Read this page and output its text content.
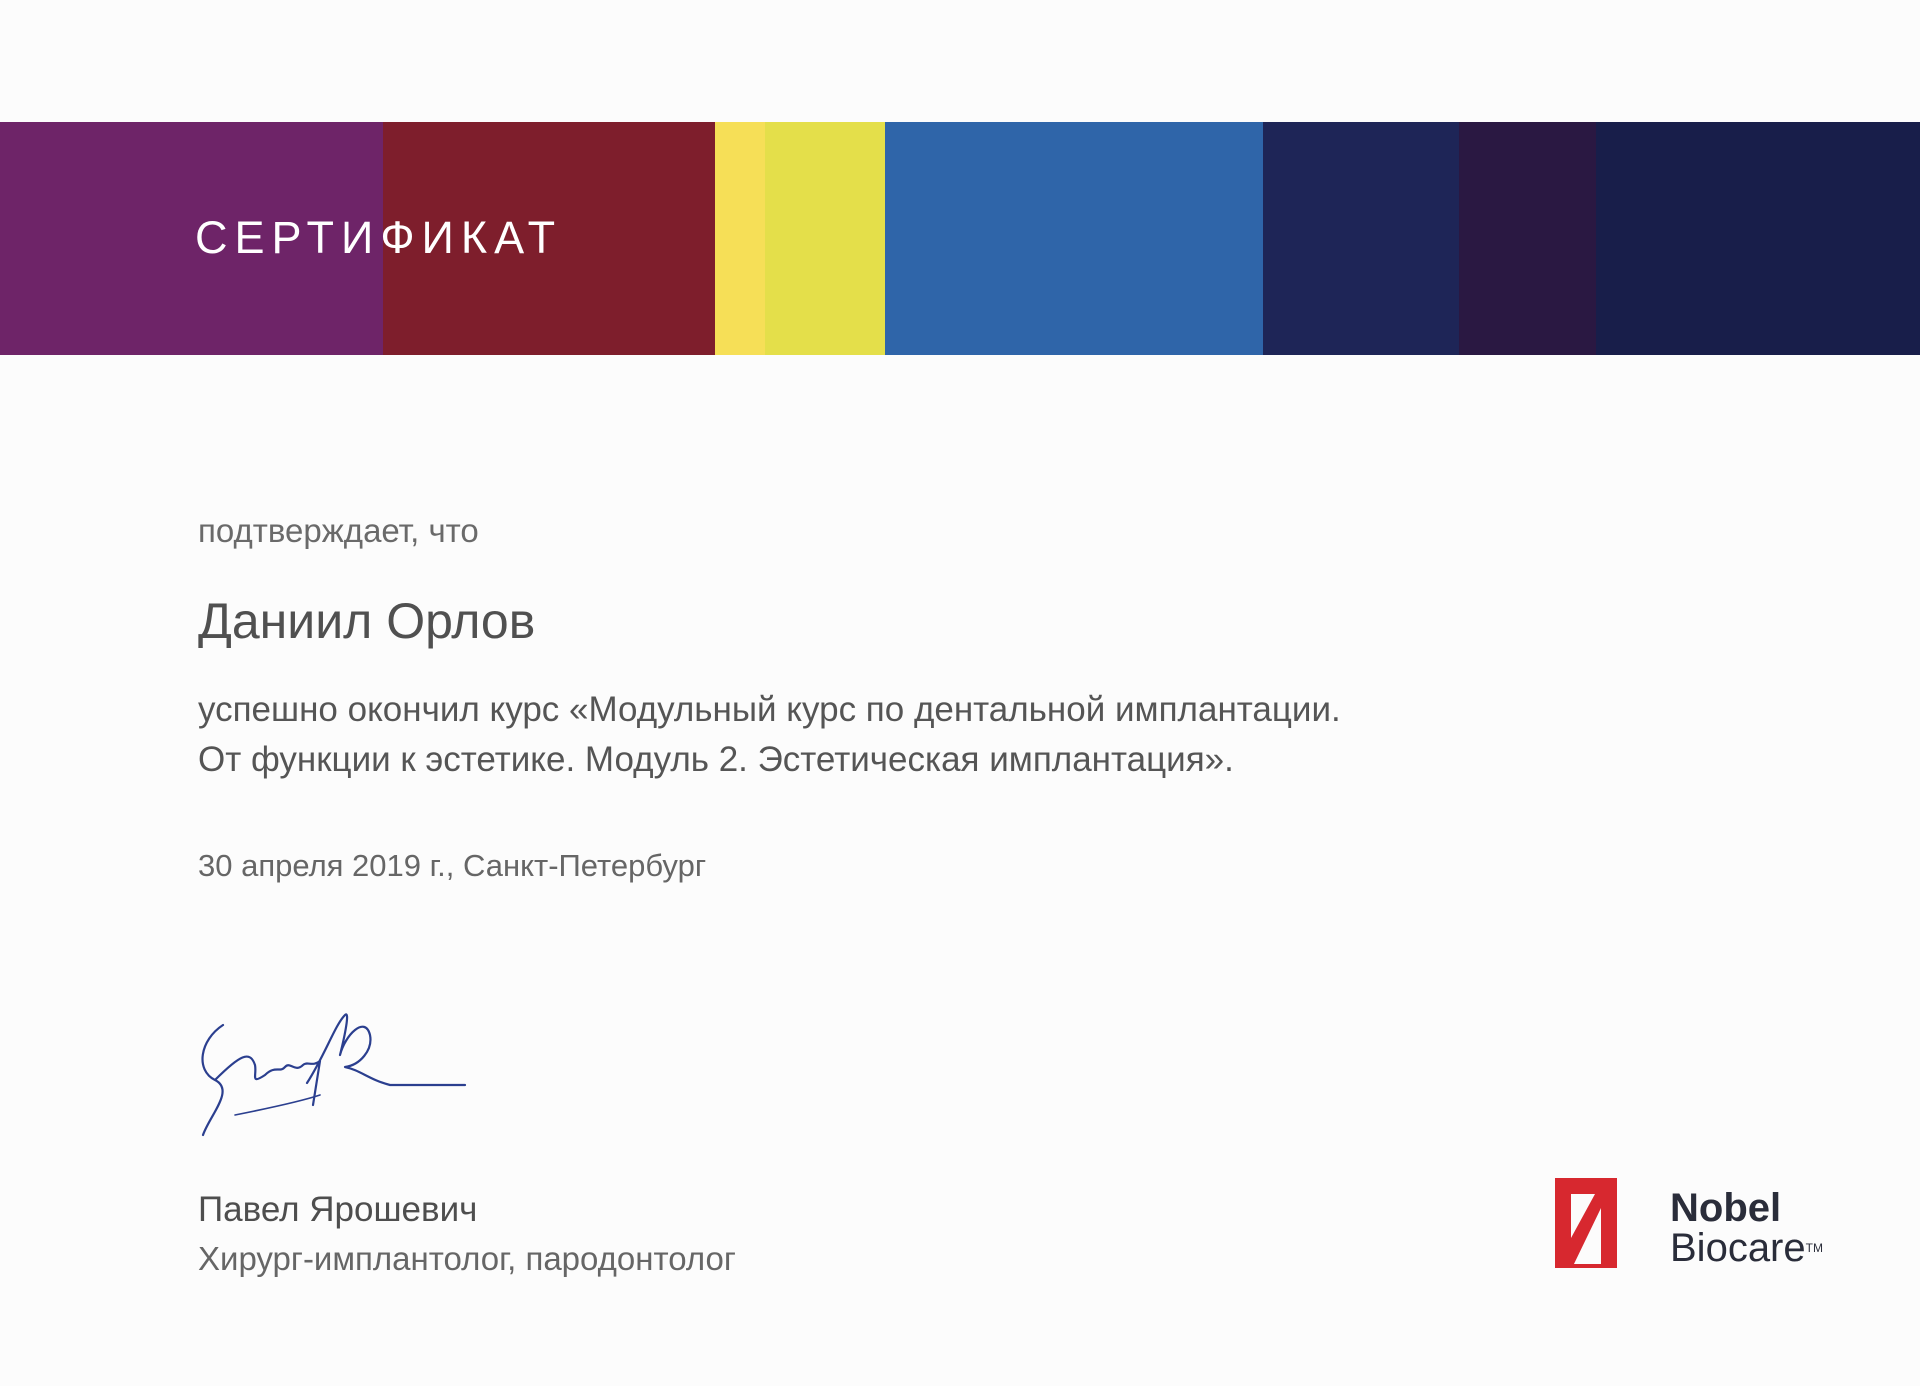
СЕРТИФИКАТ
подтверждает, что
Даниил Орлов
успешно окончил курс «Модульный курс по дентальной имплантации.
От функции к эстетике. Модуль 2. Эстетическая имплантация».
30 апреля 2019 г., Санкт-Петербург
Павел Ярошевич
Хирург-имплантолог, пародонтолог
Nobel
Biocare™
